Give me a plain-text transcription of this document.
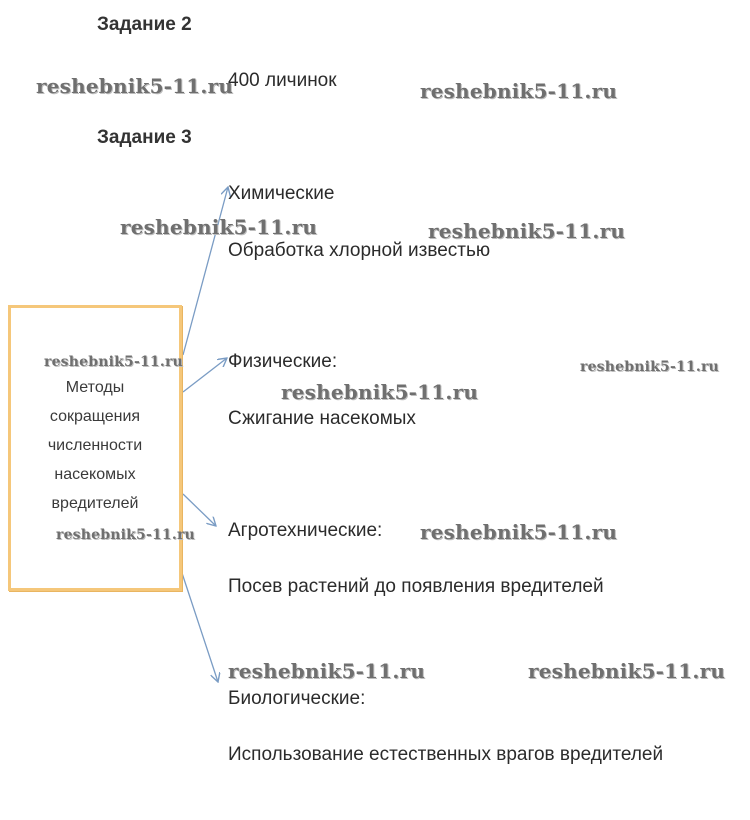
Задание 2
400 личинок
Задание 3
Методы
сокращения
численности
насекомых
вредителей
Химические
Обработка хлорной известью
Физические:
Сжигание насекомых
Агротехнические:
Посев растений до появления вредителей
Биологические:
Использование естественных врагов вредителей
reshebnik5-11.ru	reshebnik5-11.ru
reshebnik5-11.ru	reshebnik5-11.ru
reshebnik5-11.ru	reshebnik5-11.ru
reshebnik5-11.ru
reshebnik5-11.ru	reshebnik5-11.ru
reshebnik5-11.ru	reshebnik5-11.ru
